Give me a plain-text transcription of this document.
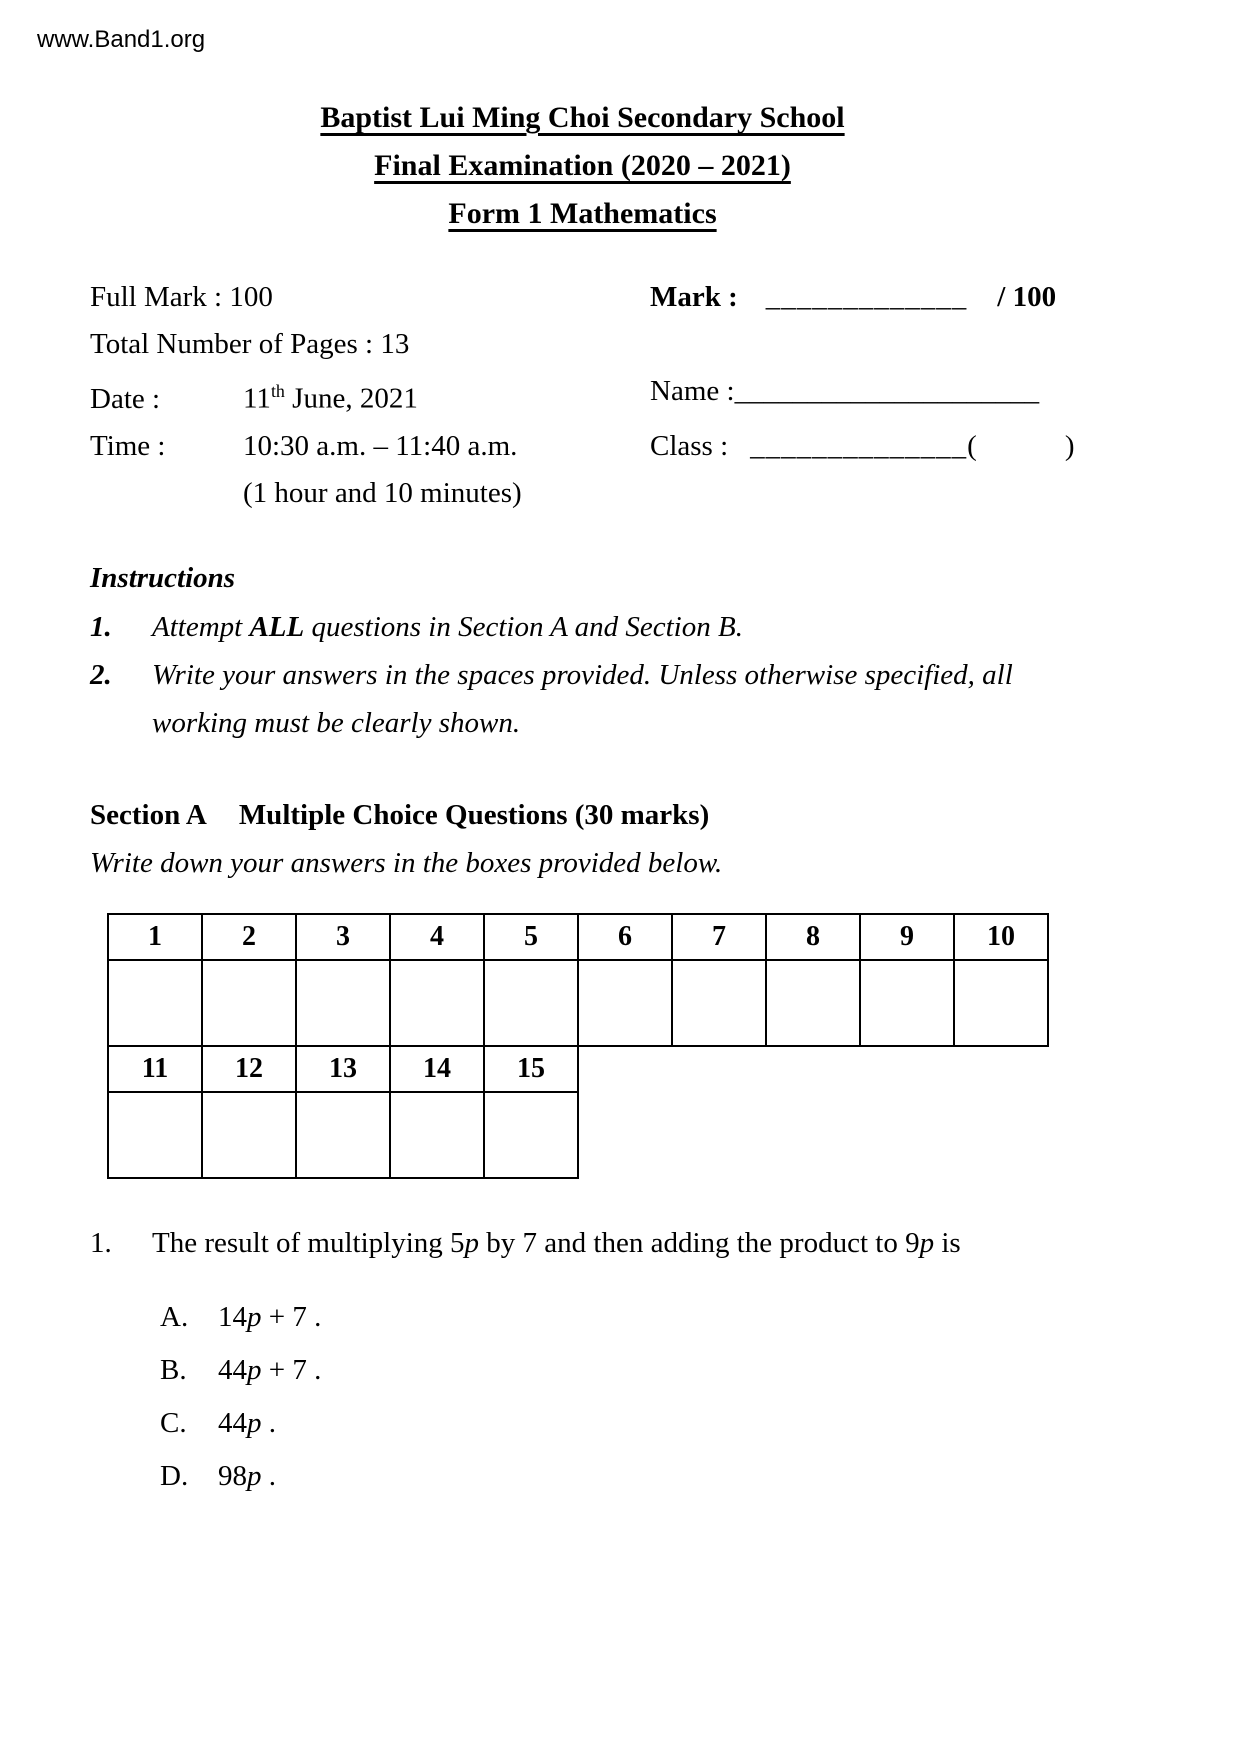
www.Band1.org
Baptist Lui Ming Choi Secondary School
Final Examination (2020 – 2021)
Form 1 Mathematics
Full Mark : 100	Mark : _____________ / 100
Total Number of Pages : 13
Date :	11th June, 2021	Name :_____________________
Time :	10:30 a.m. – 11:40 a.m.	Class : ______________(	)
(1 hour and 10 minutes)
Instructions
1.	Attempt ALL questions in Section A and Section B.
2.	Write your answers in the spaces provided. Unless otherwise specified, all working must be clearly shown.
Section A Multiple Choice Questions (30 marks)
Write down your answers in the boxes provided below.
1	2	3	4	5	6	7	8	9	10

11	12	13	14	15

1.	The result of multiplying 5p by 7 and then adding the product to 9p is
A.	14p + 7 .
B.	44p + 7 .
C.	44p .
D.	98p .
